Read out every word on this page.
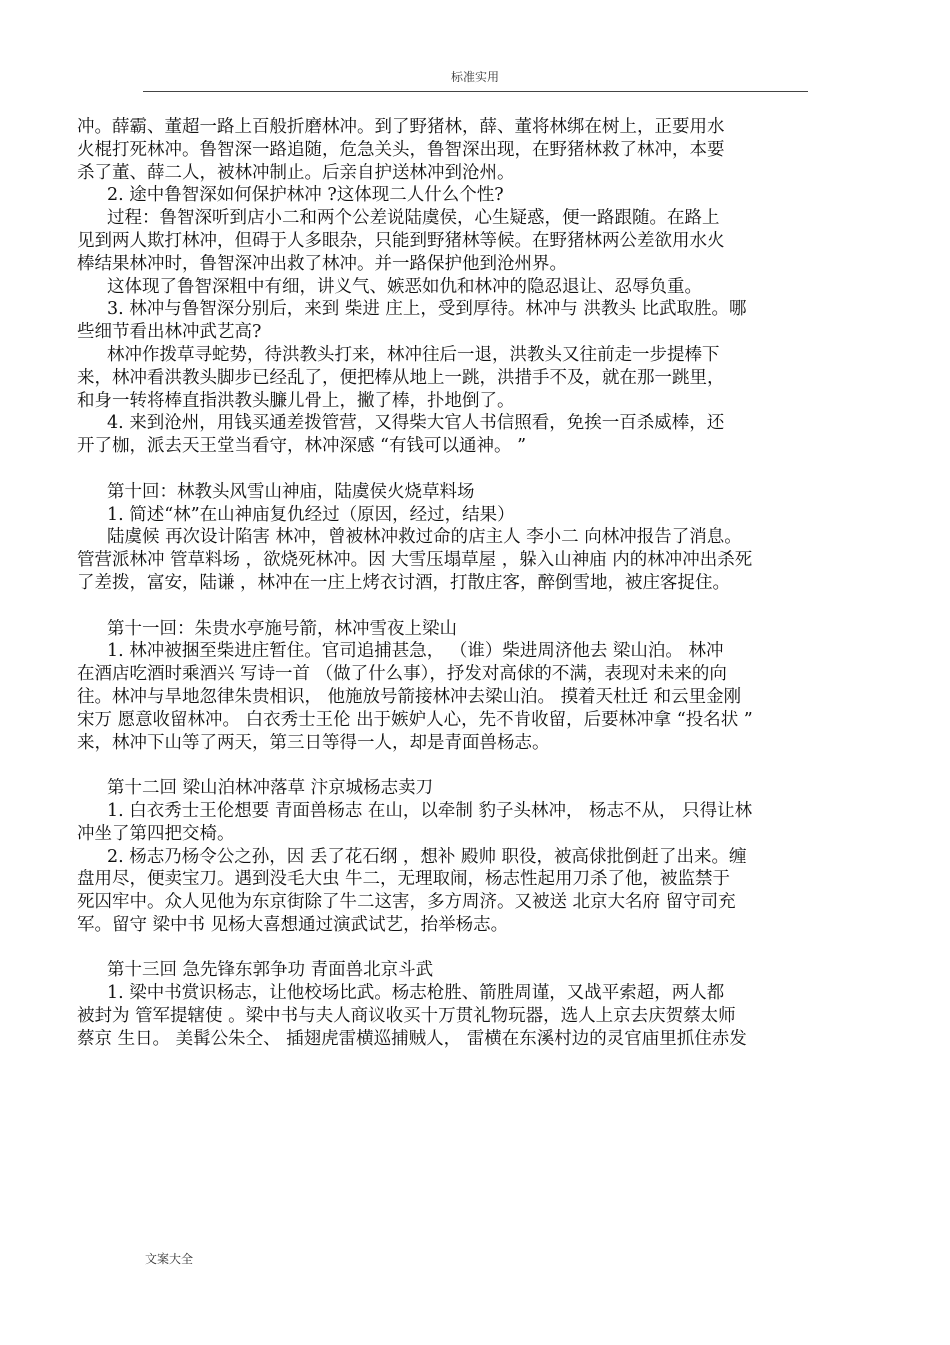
标准实用
冲。薛霸、董超一路上百般折磨林冲。到了野猪林，薛、董将林绑在树上，正要用水
火棍打死林冲。鲁智深一路追随，危急关头，鲁智深出现，在野猪林救了林冲，本要
杀了董、薛二人，被林冲制止。后亲自护送林冲到沧州。
2. 途中鲁智深如何保护林冲 ?这体现二人什么个性?
过程：鲁智深听到店小二和两个公差说陆虞侯，心生疑惑，便一路跟随。在路上
见到两人欺打林冲，但碍于人多眼杂，只能到野猪林等候。在野猪林两公差欲用水火
棒结果林冲时，鲁智深冲出救了林冲。并一路保护他到沧州界。
这体现了鲁智深粗中有细，讲义气、嫉恶如仇和林冲的隐忍退让、忍辱负重。
3. 林冲与鲁智深分别后，来到 柴进 庄上，受到厚待。林冲与 洪教头 比武取胜。哪
些细节看出林冲武艺高?
林冲作拨草寻蛇势，待洪教头打来，林冲往后一退，洪教头又往前走一步提棒下
来，林冲看洪教头脚步已经乱了，便把棒从地上一跳，洪措手不及，就在那一跳里，
和身一转将棒直指洪教头臁儿骨上，撇了棒，扑地倒了。
4. 来到沧州，用钱买通差拨管营，又得柴大官人书信照看，免挨一百杀威棒，还
开了枷，派去天王堂当看守，林冲深感 “有钱可以通神。 ”
第十回：林教头风雪山神庙，陆虞侯火烧草料场
1. 简述“林”在山神庙复仇经过（原因，经过，结果）
陆虞候 再次设计陷害 林冲，曾被林冲救过命的店主人 李小二 向林冲报告了消息。
管营派林冲 管草料场 ，欲烧死林冲。因 大雪压塌草屋 ，躲入山神庙 内的林冲冲出杀死
了差拨，富安，陆谦 ，林冲在一庄上烤衣讨酒，打散庄客，醉倒雪地，被庄客捉住。
第十一回：朱贵水亭施号箭，林冲雪夜上梁山
1. 林冲被捆至柴进庄暂住。官司追捕甚急， （谁）柴进周济他去 梁山泊。 林冲
在酒店吃酒时乘酒兴 写诗一首 （做了什么事），抒发对高俅的不满，表现对未来的向
往。林冲与旱地忽律朱贵相识， 他施放号箭接林冲去梁山泊。 摸着天杜迁 和云里金刚
宋万 愿意收留林冲。 白衣秀士王伦 出于嫉妒人心，先不肯收留，后要林冲拿 “投名状 ”
来，林冲下山等了两天，第三日等得一人，却是青面兽杨志。
第十二回 梁山泊林冲落草 汴京城杨志卖刀
1. 白衣秀士王伦想要 青面兽杨志 在山，以牵制 豹子头林冲， 杨志不从， 只得让林
冲坐了第四把交椅。
2. 杨志乃杨令公之孙，因 丢了花石纲 ，想补 殿帅 职役，被高俅批倒赶了出来。缠
盘用尽，便卖宝刀。遇到没毛大虫 牛二，无理取闹，杨志性起用刀杀了他，被监禁于
死囚牢中。众人见他为东京街除了牛二这害，多方周济。又被送 北京大名府 留守司充
军。留守 梁中书 见杨大喜想通过演武试艺，抬举杨志。
第十三回 急先锋东郭争功 青面兽北京斗武
1. 梁中书赏识杨志，让他校场比武。杨志枪胜、箭胜周谨，又战平索超，两人都
被封为 管军提辖使 。梁中书与夫人商议收买十万贯礼物玩器，选人上京去庆贺蔡太师
蔡京 生日。 美髯公朱仝、 插翅虎雷横巡捕贼人， 雷横在东溪村边的灵官庙里抓住赤发
文案大全
